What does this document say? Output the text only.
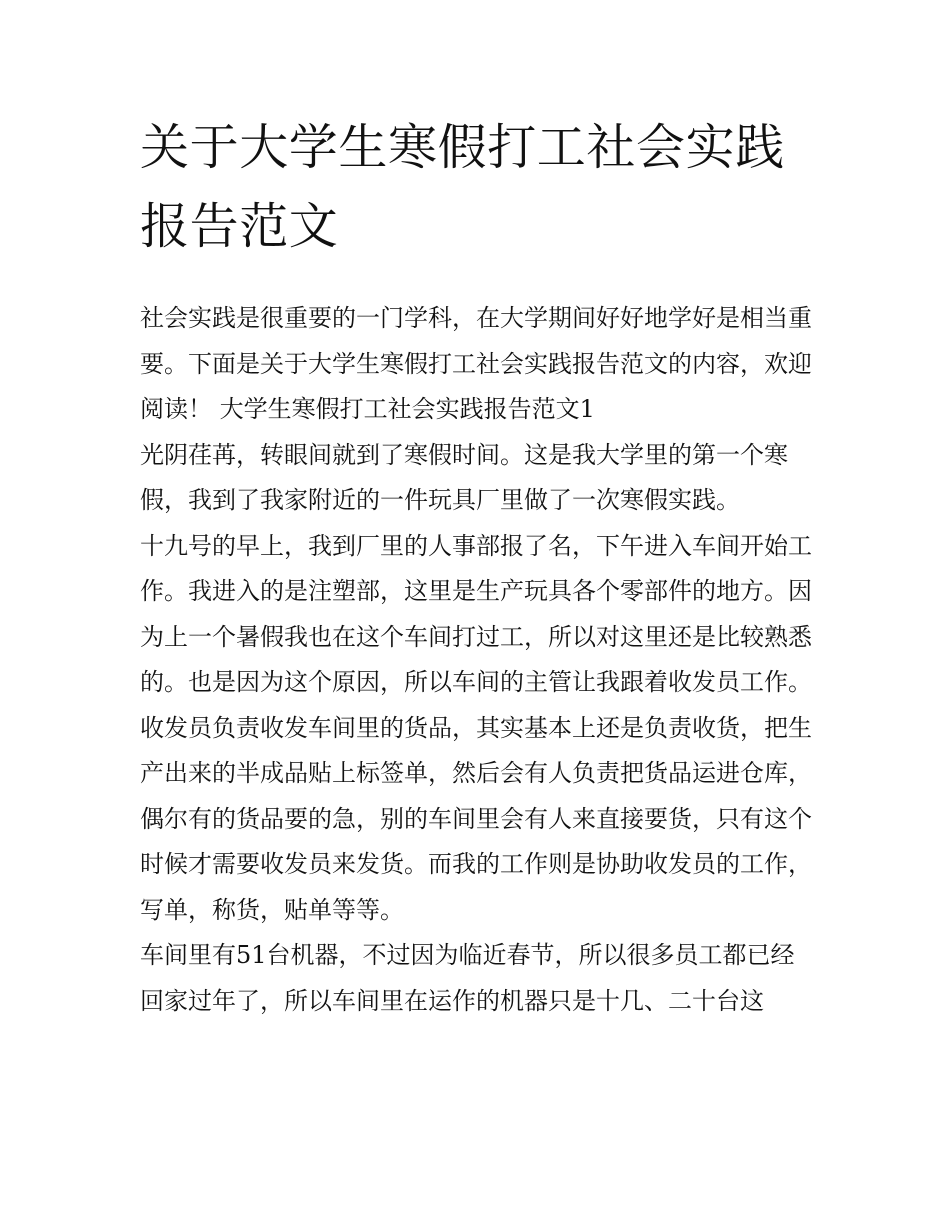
关于大学生寒假打工社会实践报告范文

社会实践是很重要的一门学科，在大学期间好好地学好是相当重要。下面是关于大学生寒假打工社会实践报告范文的内容，欢迎阅读！ 大学生寒假打工社会实践报告范文1

光阴荏苒，转眼间就到了寒假时间。这是我大学里的第一个寒假，我到了我家附近的一件玩具厂里做了一次寒假实践。

十九号的早上，我到厂里的人事部报了名，下午进入车间开始工作。我进入的是注塑部，这里是生产玩具各个零部件的地方。因为上一个暑假我也在这个车间打过工，所以对这里还是比较熟悉的。也是因为这个原因，所以车间的主管让我跟着收发员工作。收发员负责收发车间里的货品，其实基本上还是负责收货，把生产出来的半成品贴上标签单，然后会有人负责把货品运进仓库，偶尔有的货品要的急，别的车间里会有人来直接要货，只有这个时候才需要收发员来发货。而我的工作则是协助收发员的工作，写单，称货，贴单等等。

车间里有51台机器，不过因为临近春节，所以很多员工都已经回家过年了，所以车间里在运作的机器只是十几、二十台这
